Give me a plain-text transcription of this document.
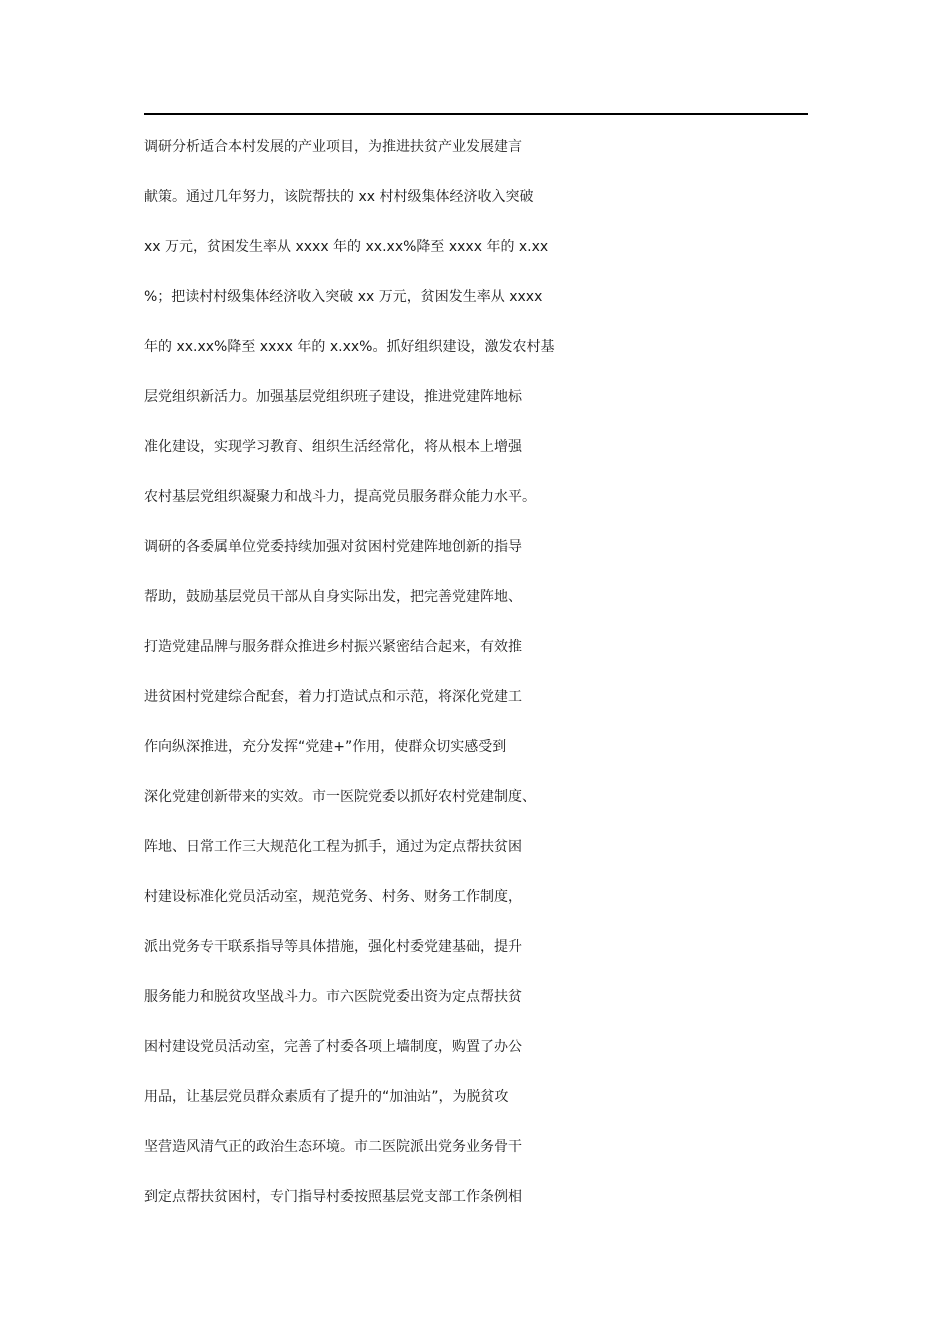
调研分析适合本村发展的产业项目，为推进扶贫产业发展建言
献策。通过几年努力，该院帮扶的 xx 村村级集体经济收入突破
xx 万元，贫困发生率从 xxxx 年的 xx.xx%降至 xxxx 年的 x.xx
%；把读村村级集体经济收入突破 xx 万元，贫困发生率从 xxxx
年的 xx.xx%降至 xxxx 年的 x.xx%。抓好组织建设，激发农村基
层党组织新活力。加强基层党组织班子建设，推进党建阵地标
准化建设，实现学习教育、组织生活经常化，将从根本上增强
农村基层党组织凝聚力和战斗力，提高党员服务群众能力水平。
调研的各委属单位党委持续加强对贫困村党建阵地创新的指导
帮助，鼓励基层党员干部从自身实际出发，把完善党建阵地、
打造党建品牌与服务群众推进乡村振兴紧密结合起来，有效推
进贫困村党建综合配套，着力打造试点和示范，将深化党建工
作向纵深推进，充分发挥“党建+”作用，使群众切实感受到
深化党建创新带来的实效。市一医院党委以抓好农村党建制度、
阵地、日常工作三大规范化工程为抓手，通过为定点帮扶贫困
村建设标准化党员活动室，规范党务、村务、财务工作制度，
派出党务专干联系指导等具体措施，强化村委党建基础，提升
服务能力和脱贫攻坚战斗力。市六医院党委出资为定点帮扶贫
困村建设党员活动室，完善了村委各项上墙制度，购置了办公
用品，让基层党员群众素质有了提升的“加油站”，为脱贫攻
坚营造风清气正的政治生态环境。市二医院派出党务业务骨干
到定点帮扶贫困村，专门指导村委按照基层党支部工作条例相
